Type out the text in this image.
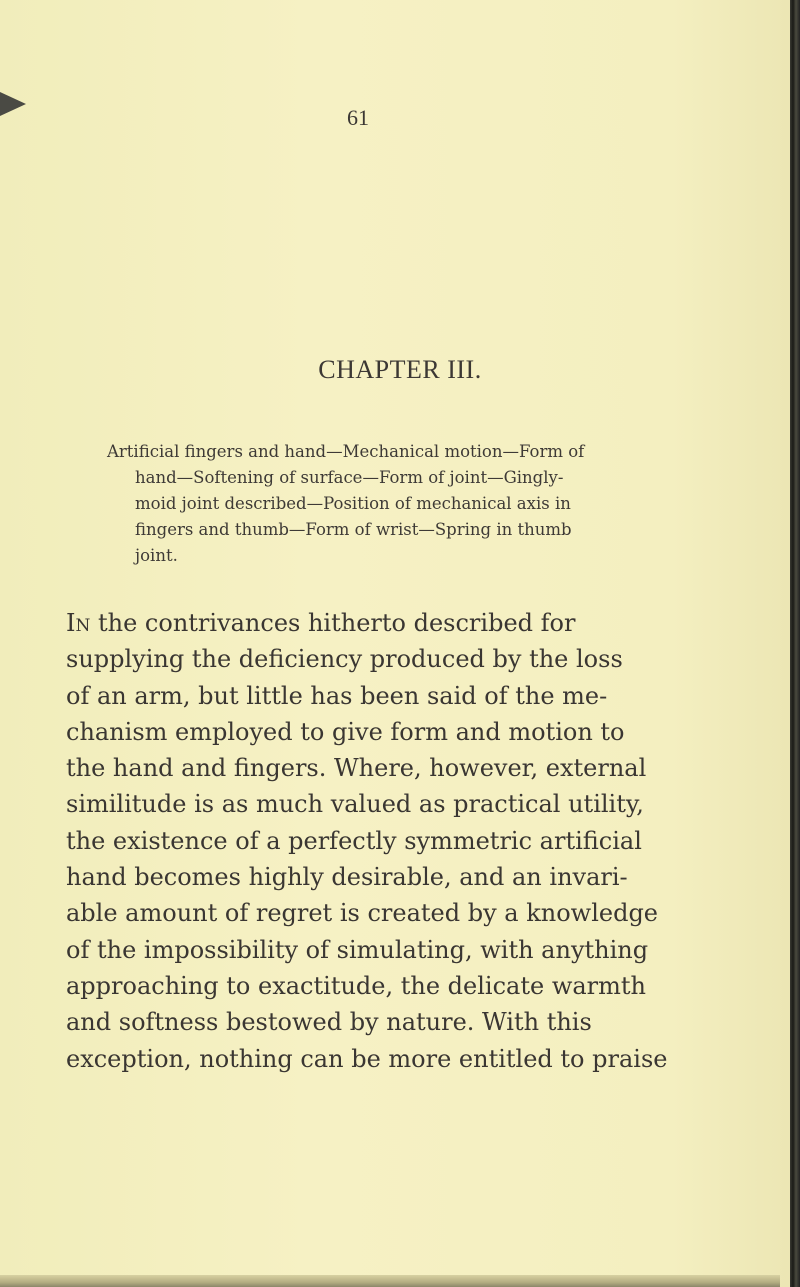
61
CHAPTER III.
Artificial fingers and hand—Mechanical motion—Form of
hand—Softening of surface—Form of joint—Gingly-
moid joint described—Position of mechanical axis in
fingers and thumb—Form of wrist—Spring in thumb
joint.
In the contrivances hitherto described for
supplying the deficiency produced by the loss
of an arm, but little has been said of the me-
chanism employed to give form and motion to
the hand and fingers. Where, however, external
similitude is as much valued as practical utility,
the existence of a perfectly symmetric artificial
hand becomes highly desirable, and an invari-
able amount of regret is created by a knowledge
of the impossibility of simulating, with anything
approaching to exactitude, the delicate warmth
and softness bestowed by nature. With this
exception, nothing can be more entitled to praise
